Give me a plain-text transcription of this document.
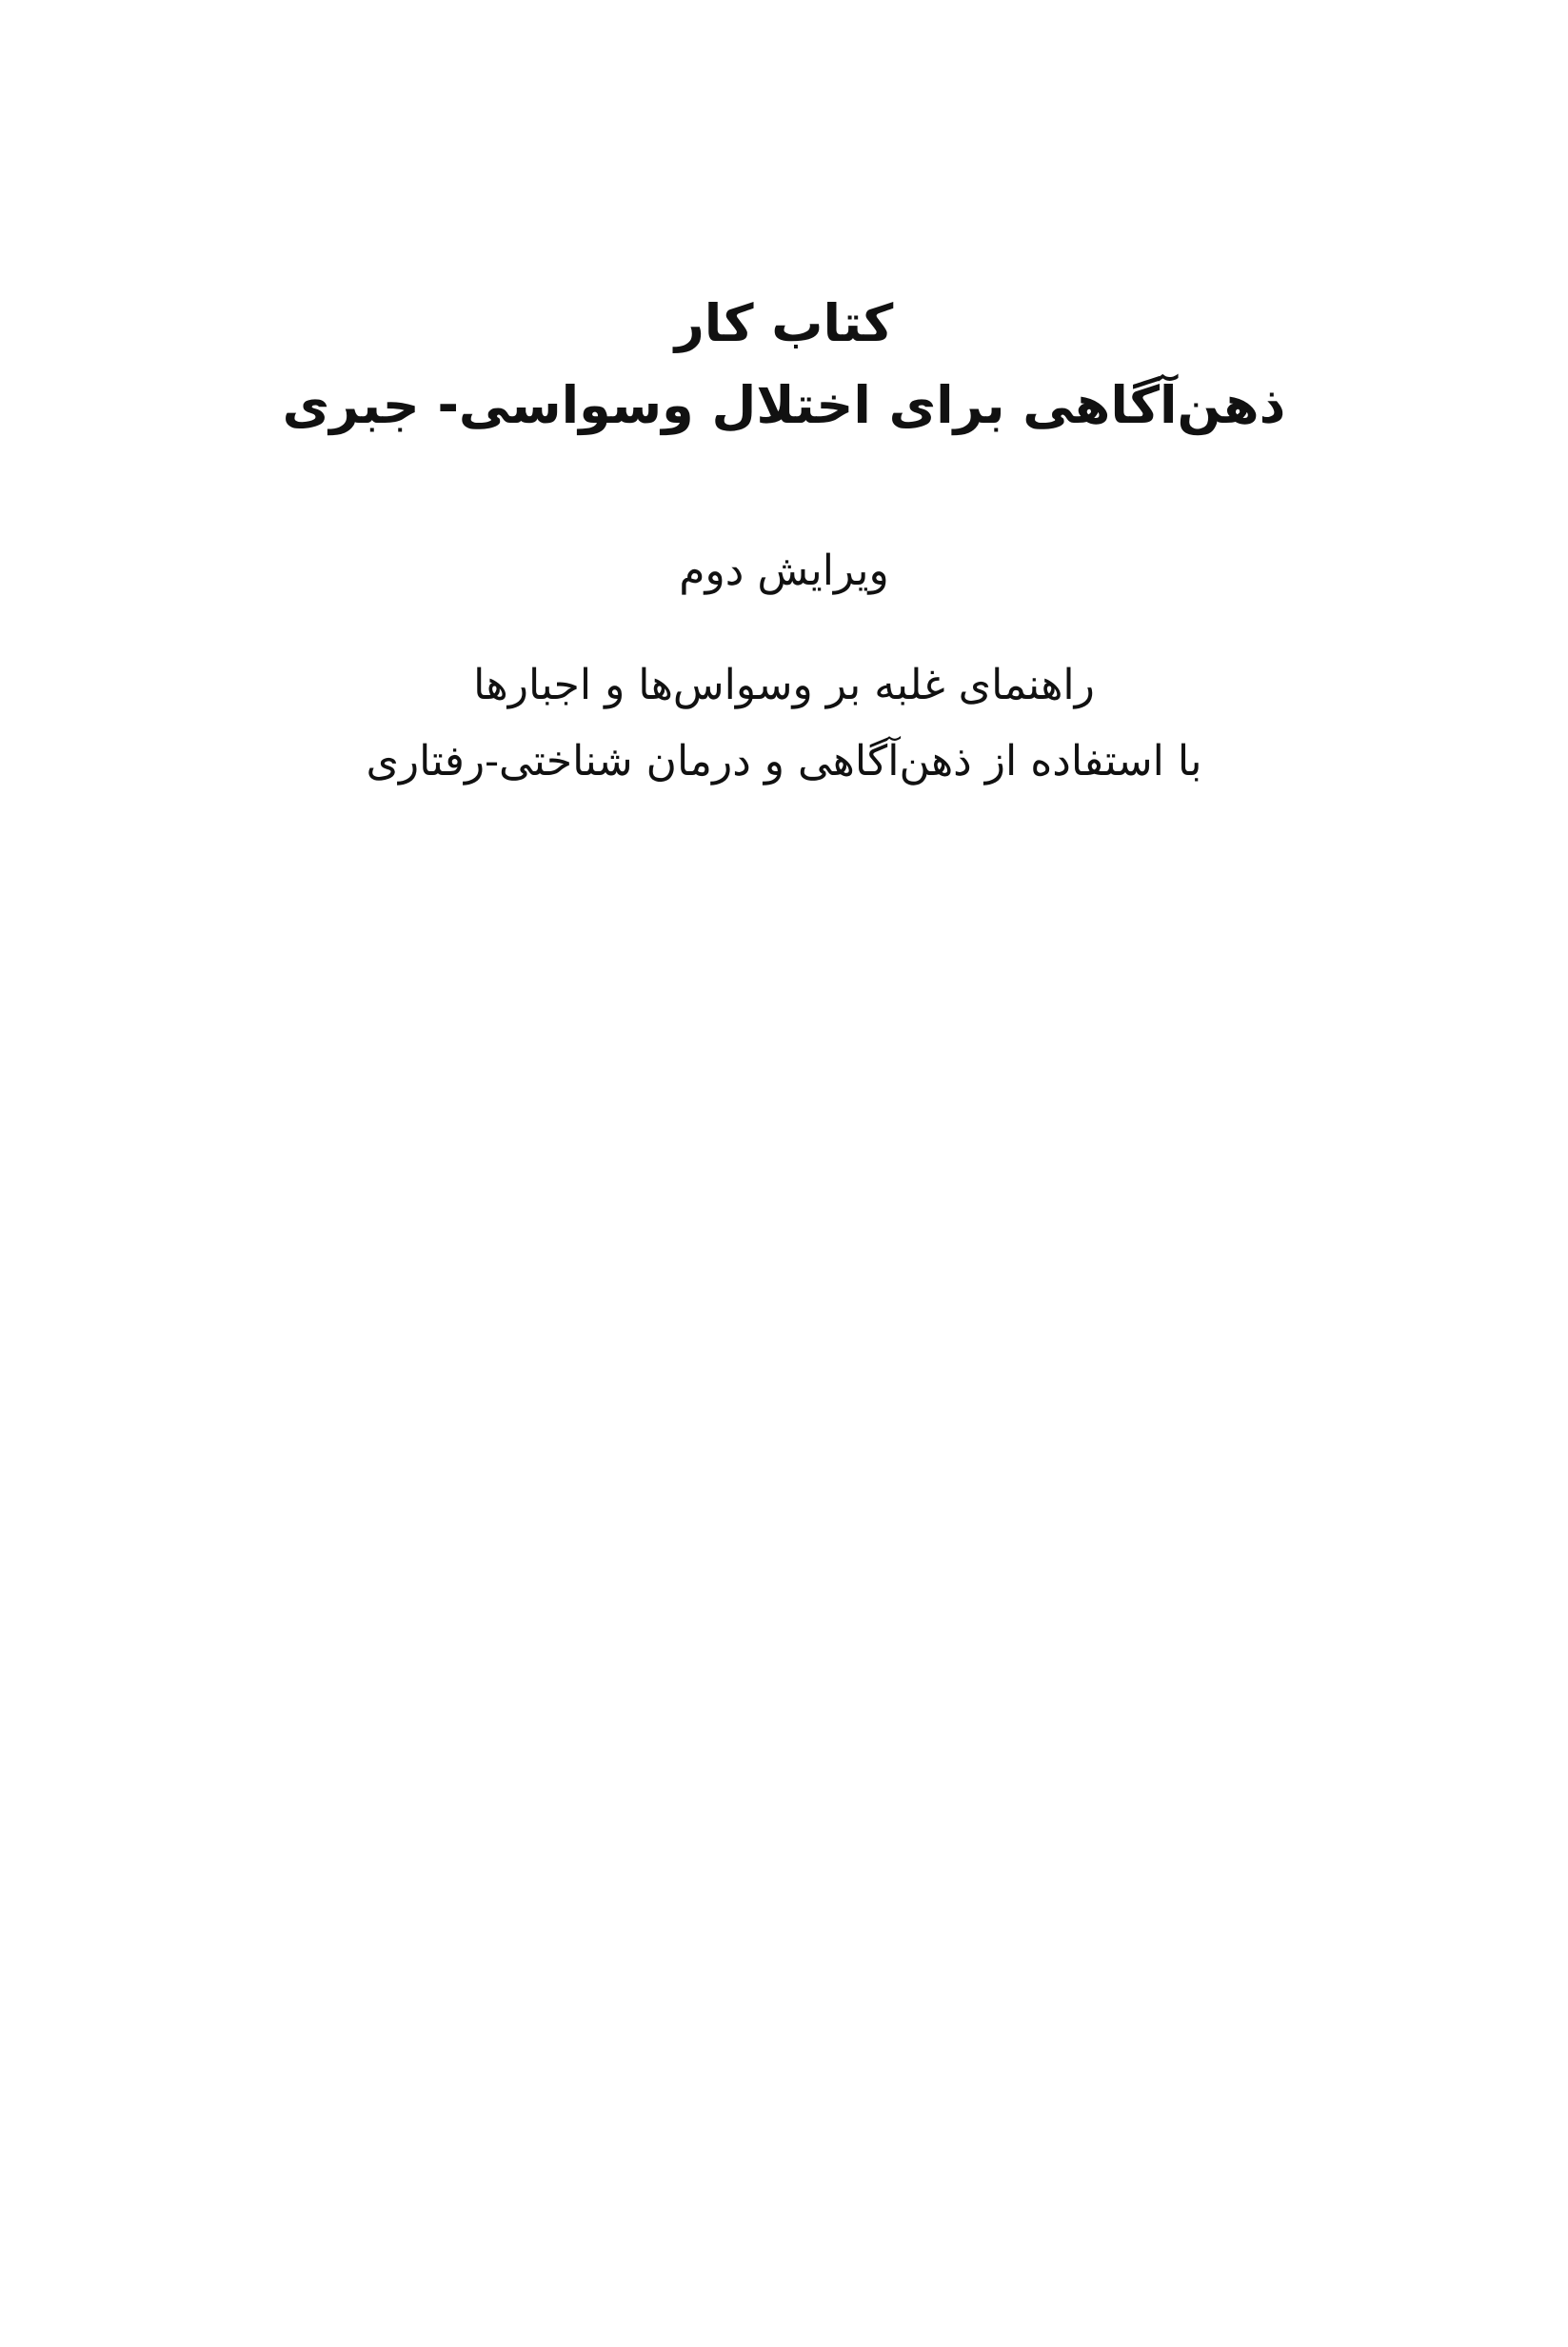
کتاب کار
ذهن‌آگاهی برای اختلال وسواسی- جبری

ویرایش دوم

راهنمای غلبه بر وسواس‌ها و اجبارها

با استفاده از ذهن‌آگاهی و درمان شناختی-رفتاری
